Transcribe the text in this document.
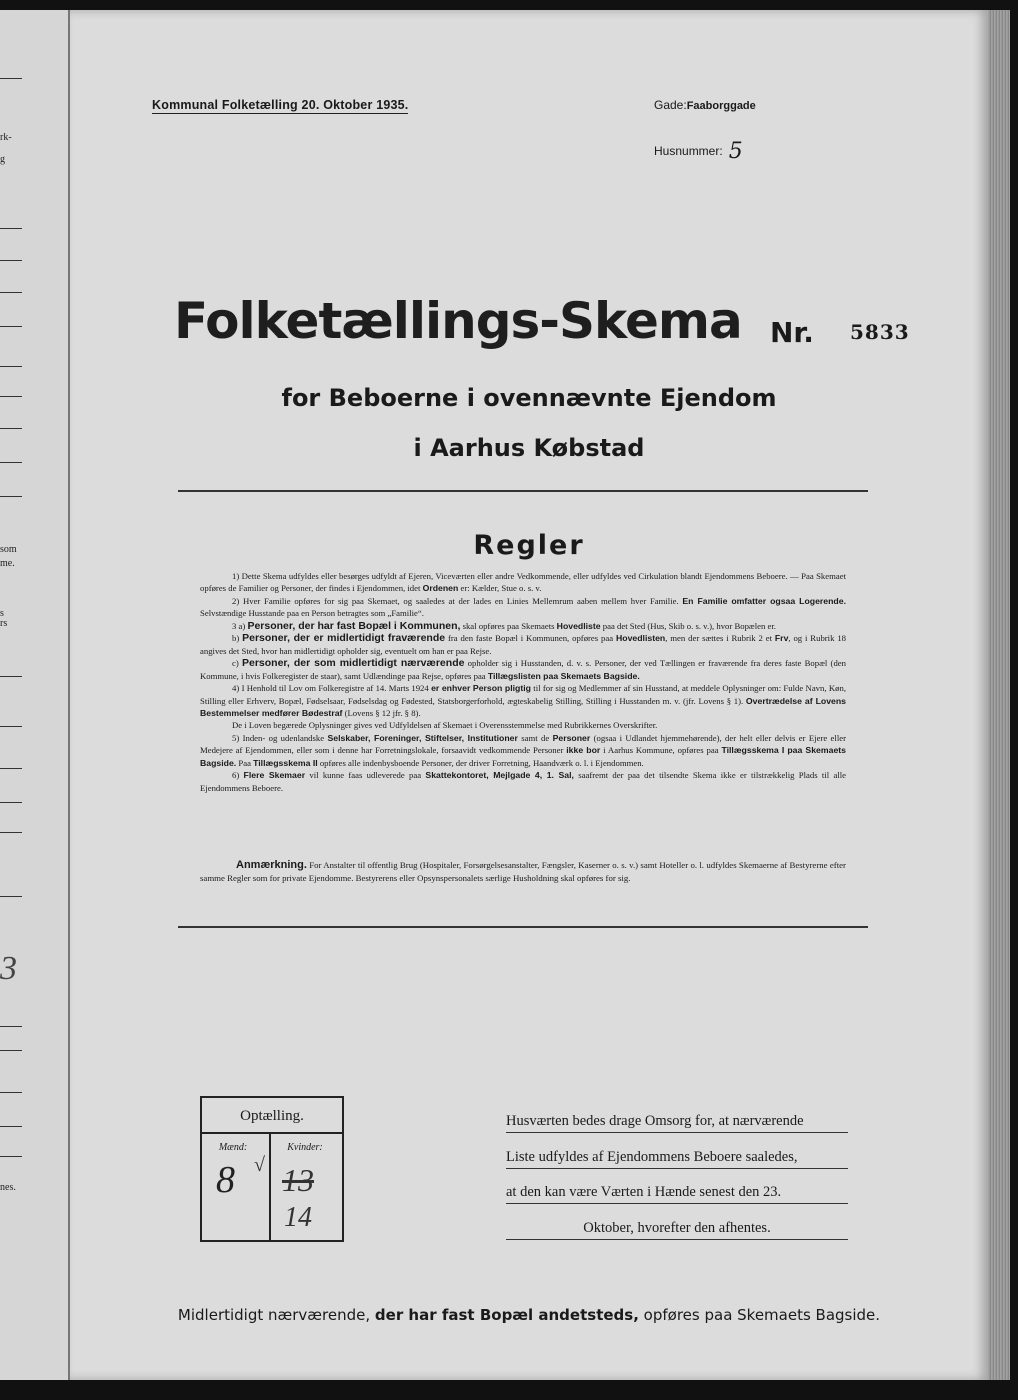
rk-
g
som
me.
s
rs
nes.
3
Kommunal Folketælling 20. Oktober 1935.	Gade:Faaborggade
Husnummer: 5
Folketællings-Skema Nr. 5833
for Beboerne i ovennævnte Ejendom
i Aarhus Købstad
Regler

1) Dette Skema udfyldes eller besørges udfyldt af Ejeren, Viceværten eller andre Vedkommende, eller udfyldes ved Cirkulation blandt Ejendommens Beboere. — Paa Skemaet opføres de Familier og Personer, der findes i Ejendommen, idet Ordenen er: Kælder, Stue o. s. v.

2) Hver Familie opføres for sig paa Skemaet, og saaledes at der lades en Linies Mellemrum aaben mellem hver Familie. En Familie omfatter ogsaa Logerende. Selvstændige Husstande paa en Person betragtes som „Familie“.

3 a) Personer, der har fast Bopæl i Kommunen, skal opføres paa Skemaets Hovedliste paa det Sted (Hus, Skib o. s. v.), hvor Bopælen er.

b) Personer, der er midlertidigt fraværende fra den faste Bopæl i Kommunen, opføres paa Hovedlisten, men der sættes i Rubrik 2 et Frv, og i Rubrik 18 angives det Sted, hvor han midlertidigt opholder sig, eventuelt om han er paa Rejse.

c) Personer, der som midlertidigt nærværende opholder sig i Husstanden, d. v. s. Personer, der ved Tællingen er fraværende fra deres faste Bopæl (den Kommune, i hvis Folkeregister de staar), samt Udlændinge paa Rejse, opføres paa Tillægslisten paa Skemaets Bagside.

4) I Henhold til Lov om Folkeregistre af 14. Marts 1924 er enhver Person pligtig til for sig og Medlemmer af sin Husstand, at meddele Oplysninger om: Fulde Navn, Køn, Stilling eller Erhverv, Bopæl, Fødselsaar, Fødselsdag og Fødested, Statsborgerforhold, ægteskabelig Stilling, Stilling i Husstanden m. v. (jfr. Lovens § 1). Overtrædelse af Lovens Bestemmelser medfører Bødestraf (Lovens § 12 jfr. § 8).

De i Loven begærede Oplysninger gives ved Udfyldelsen af Skemaet i Overensstemmelse med Rubrikkernes Overskrifter.

5) Inden- og udenlandske Selskaber, Foreninger, Stiftelser, Institutioner samt de Personer (ogsaa i Udlandet hjemmehørende), der helt eller delvis er Ejere eller Medejere af Ejendommen, eller som i denne har Forretningslokale, forsaavidt vedkommende Personer ikke bor i Aarhus Kommune, opføres paa Tillægsskema I paa Skemaets Bagside. Paa Tillægsskema II opføres alle indenbysboende Personer, der driver Forretning, Haandværk o. l. i Ejendommen.

6) Flere Skemaer vil kunne faas udleverede paa Skattekontoret, Mejlgade 4, 1. Sal, saafremt der paa det tilsendte Skema ikke er tilstrækkelig Plads til alle Ejendommens Beboere.

Anmærkning. For Anstalter til offentlig Brug (Hospitaler, Forsørgelsesanstalter, Fængsler, Kaserner o. s. v.) samt Hoteller o. l. udfyldes Skemaerne af Bestyrerne efter samme Regler som for private Ejendomme. Bestyrerens eller Opsynspersonalets særlige Husholdning skal opføres for sig.

Optælling.
Mænd:	Kvinder:
8 √ 13
14
Husværten bedes drage Omsorg for, at nærværende
Liste udfyldes af Ejendommens Beboere saaledes,
at den kan være Værten i Hænde senest den 23.
Oktober, hvorefter den afhentes.
Midlertidigt nærværende, der har fast Bopæl andetsteds, opføres paa Skemaets Bagside.
